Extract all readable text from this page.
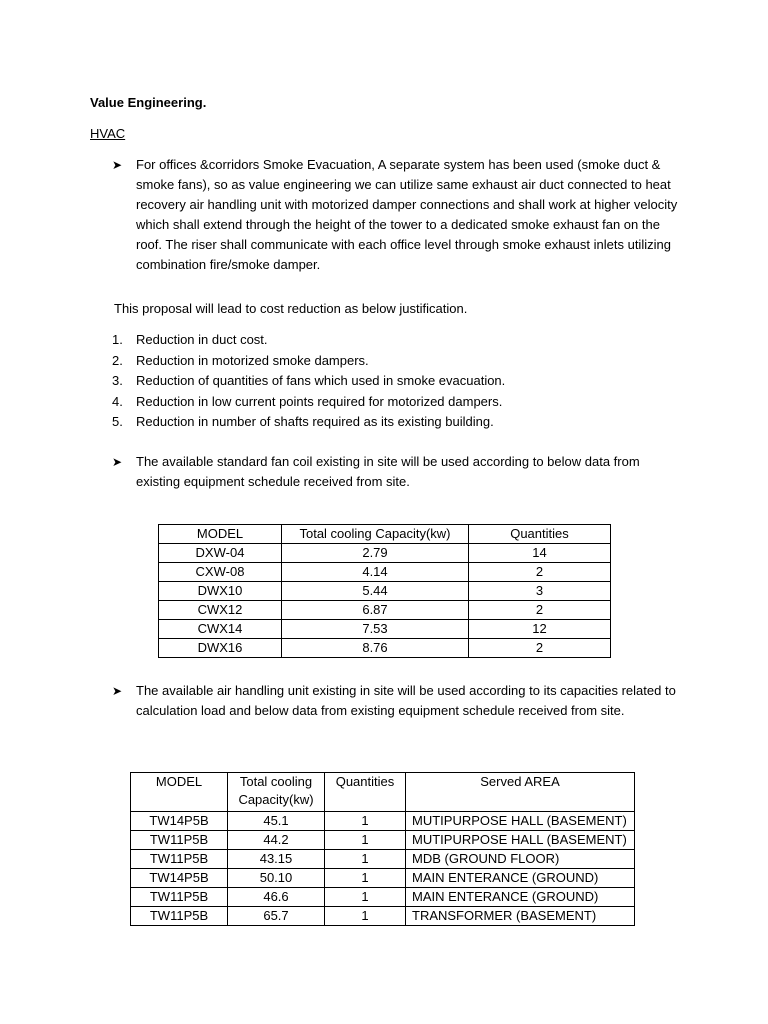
Value Engineering.
HVAC
➤	For offices &corridors Smoke Evacuation, A separate system has been used (smoke duct & smoke fans), so as value engineering we can utilize same exhaust air duct connected to heat recovery air handling unit with motorized damper connections and shall work at higher velocity which shall extend through the height of the tower to a dedicated smoke exhaust fan on the roof. The riser shall communicate with each office level through smoke exhaust inlets utilizing combination fire/smoke damper.
This proposal will lead to cost reduction as below justification.
1. Reduction in duct cost.
2. Reduction in motorized smoke dampers.
3. Reduction of quantities of fans which used in smoke evacuation.
4. Reduction in low current points required for motorized dampers.
5. Reduction in number of shafts required as its existing building.
➤	The available standard fan coil existing in site will be used according to below data from existing equipment schedule received from site.
MODEL	Total cooling Capacity(kw)	Quantities
DXW-04	2.79	14
CXW-08	4.14	2
DWX10	5.44	3
CWX12	6.87	2
CWX14	7.53	12
DWX16	8.76	2
➤	The available air handling unit existing in site will be used according to its capacities related to calculation load and below data from existing equipment schedule received from site.
MODEL	Total cooling Capacity(kw)	Quantities	Served AREA
TW14P5B	45.1	1	MUTIPURPOSE HALL (BASEMENT)
TW11P5B	44.2	1	MUTIPURPOSE HALL (BASEMENT)
TW11P5B	43.15	1	MDB (GROUND FLOOR)
TW14P5B	50.10	1	MAIN ENTERANCE (GROUND)
TW11P5B	46.6	1	MAIN ENTERANCE (GROUND)
TW11P5B	65.7	1	TRANSFORMER (BASEMENT)
